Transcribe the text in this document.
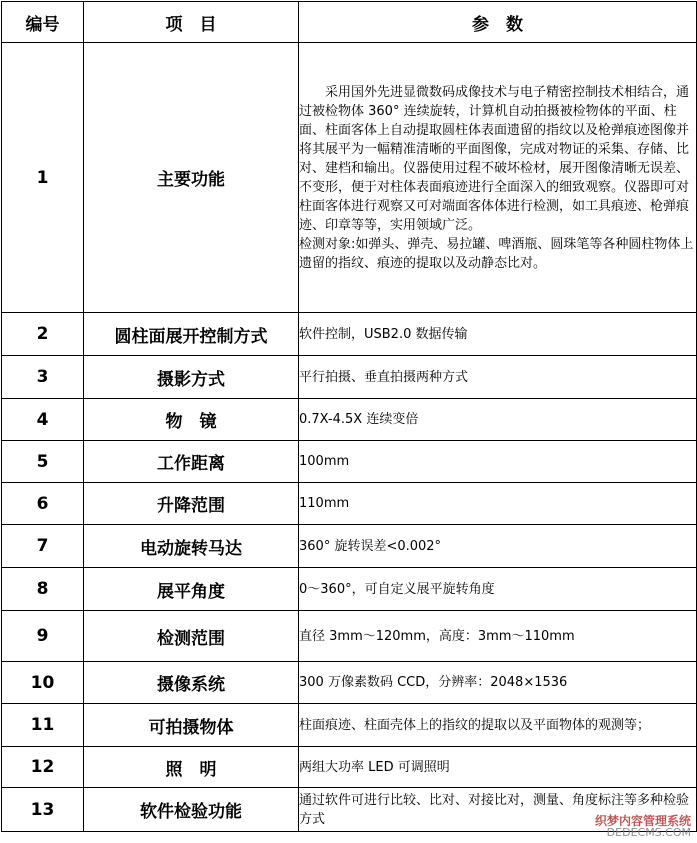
编号	项　目	参　数
1	主要功能	采用国外先进显微数码成像技术与电子精密控制技术相结合，通过被检物体 360° 连续旋转，计算机自动拍摄被检物体的平面、柱面、柱面客体上自动提取圆柱体表面遗留的指纹以及枪弹痕迹图像并将其展平为一幅精准清晰的平面图像，完成对物证的采集、存储、比对、建档和输出。仪器使用过程不破坏检材，展开图像清晰无误差、不变形，便于对柱体表面痕迹进行全面深入的细致观察。仪器即可对柱面客体进行观察又可对端面客体体进行检测，如工具痕迹、枪弹痕迹、印章等等，实用领域广泛。
检测对象:如弹头、弹壳、易拉罐、啤酒瓶、圆珠笔等各种圆柱物体上遗留的指纹、痕迹的提取以及动静态比对。

2	圆柱面展开控制方式	软件控制，USB2.0 数据传输
3	摄影方式	平行拍摄、垂直拍摄两种方式
4	物　镜	0.7X-4.5X 连续变倍
5	工作距离	100mm
6	升降范围	110mm
7	电动旋转马达	360° 旋转误差<0.002°
8	展平角度	0～360°，可自定义展平旋转角度
9	检测范围	直径 3mm～120mm，高度：3mm～110mm
10	摄像系统	300 万像素数码 CCD，分辨率：2048×1536
11	可拍摄物体	柱面痕迹、柱面壳体上的指纹的提取以及平面物体的观测等；
12	照　明	两组大功率 LED 可调照明
13	软件检验功能	通过软件可进行比较、比对、对接比对，测量、角度标注等多种检验方式	织梦内容管理系统
DEDECMS.COM
